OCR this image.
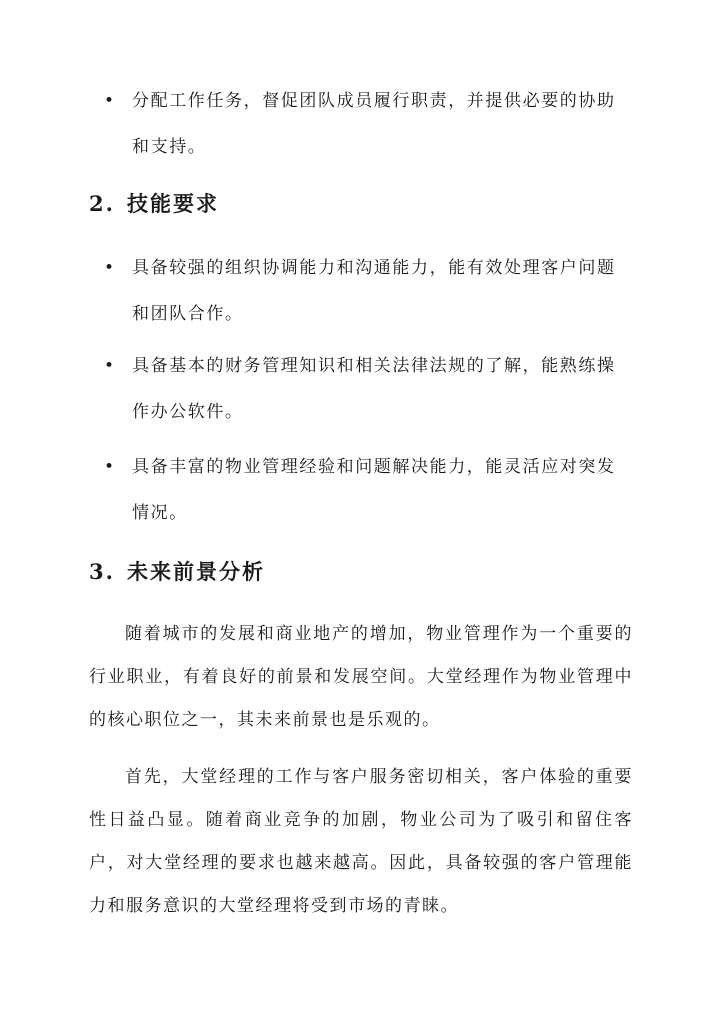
• 分配工作任务，督促团队成员履行职责，并提供必要的协助和支持。
2. 技能要求
• 具备较强的组织协调能力和沟通能力，能有效处理客户问题和团队合作。
• 具备基本的财务管理知识和相关法律法规的了解，能熟练操作办公软件。
• 具备丰富的物业管理经验和问题解决能力，能灵活应对突发情况。
3. 未来前景分析

随着城市的发展和商业地产的增加，物业管理作为一个重要的行业职业，有着良好的前景和发展空间。大堂经理作为物业管理中的核心职位之一，其未来前景也是乐观的。

首先，大堂经理的工作与客户服务密切相关，客户体验的重要性日益凸显。随着商业竞争的加剧，物业公司为了吸引和留住客户，对大堂经理的要求也越来越高。因此，具备较强的客户管理能力和服务意识的大堂经理将受到市场的青睐。
